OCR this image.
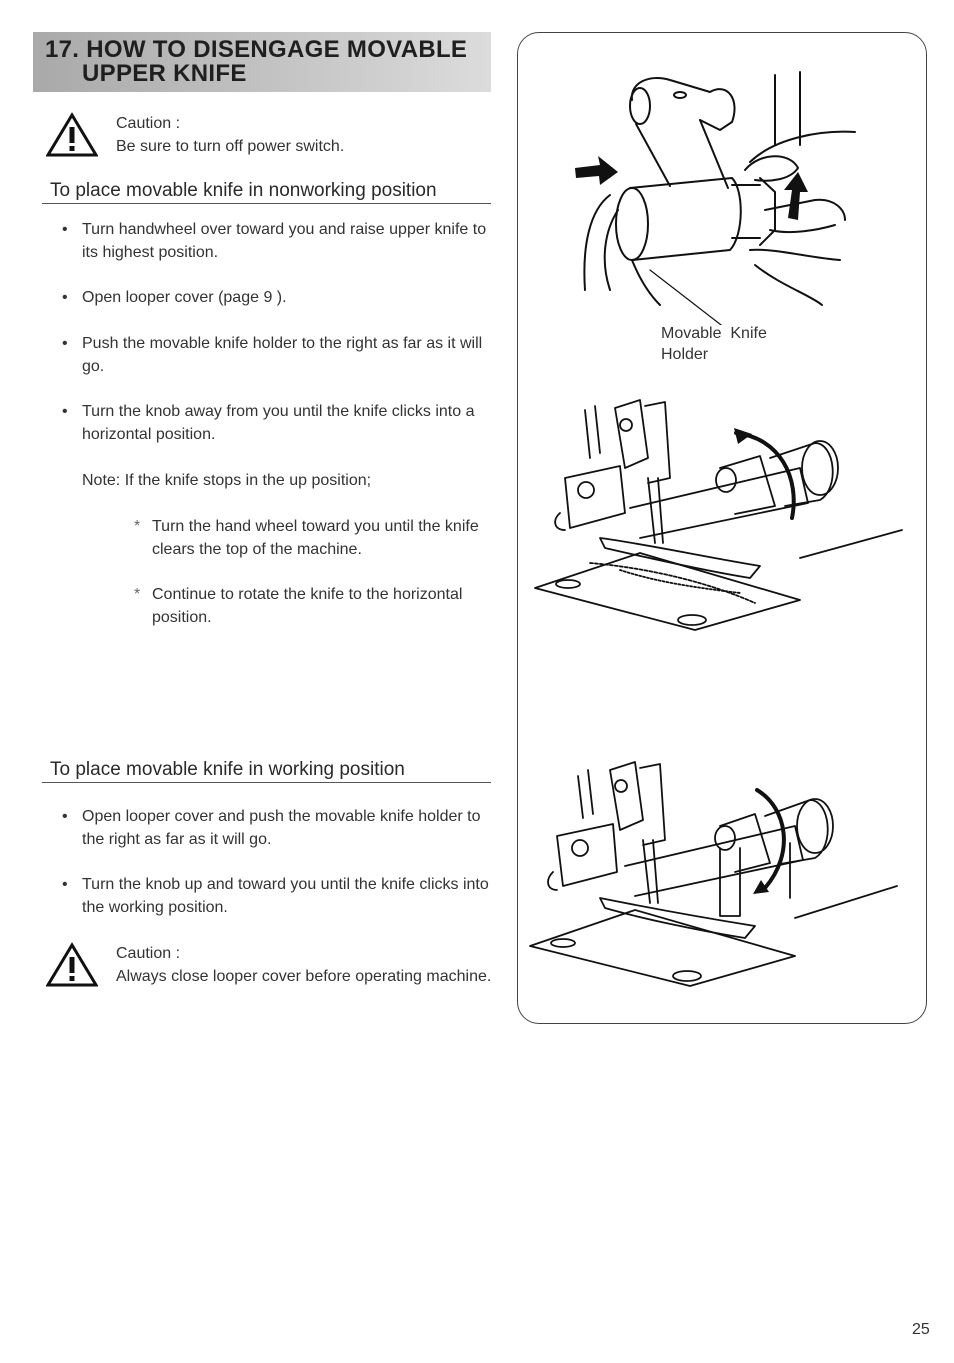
17. HOW TO DISENGAGE MOVABLE
UPPER KNIFE
Caution :
Be sure to turn off power switch.
To place movable knife in nonworking position
• Turn handwheel over toward you and raise upper knife to its highest position.
• Open looper cover (page 9 ).
• Push the movable knife holder to the right as far as it will go.
• Turn the knob away from you until the knife clicks into a horizontal position.
Note: If the knife stops in the up position;
* Turn the hand wheel toward you until the knife clears the top of the machine.
* Continue to rotate the knife to the horizontal position.
To place movable knife in working position
• Open looper cover and push the movable knife holder to the right as far as it will go.
• Turn the knob up and toward you until the knife clicks into the working position.
Caution :
Always close looper cover before operating machine.
Movable  Knife
Holder
25
